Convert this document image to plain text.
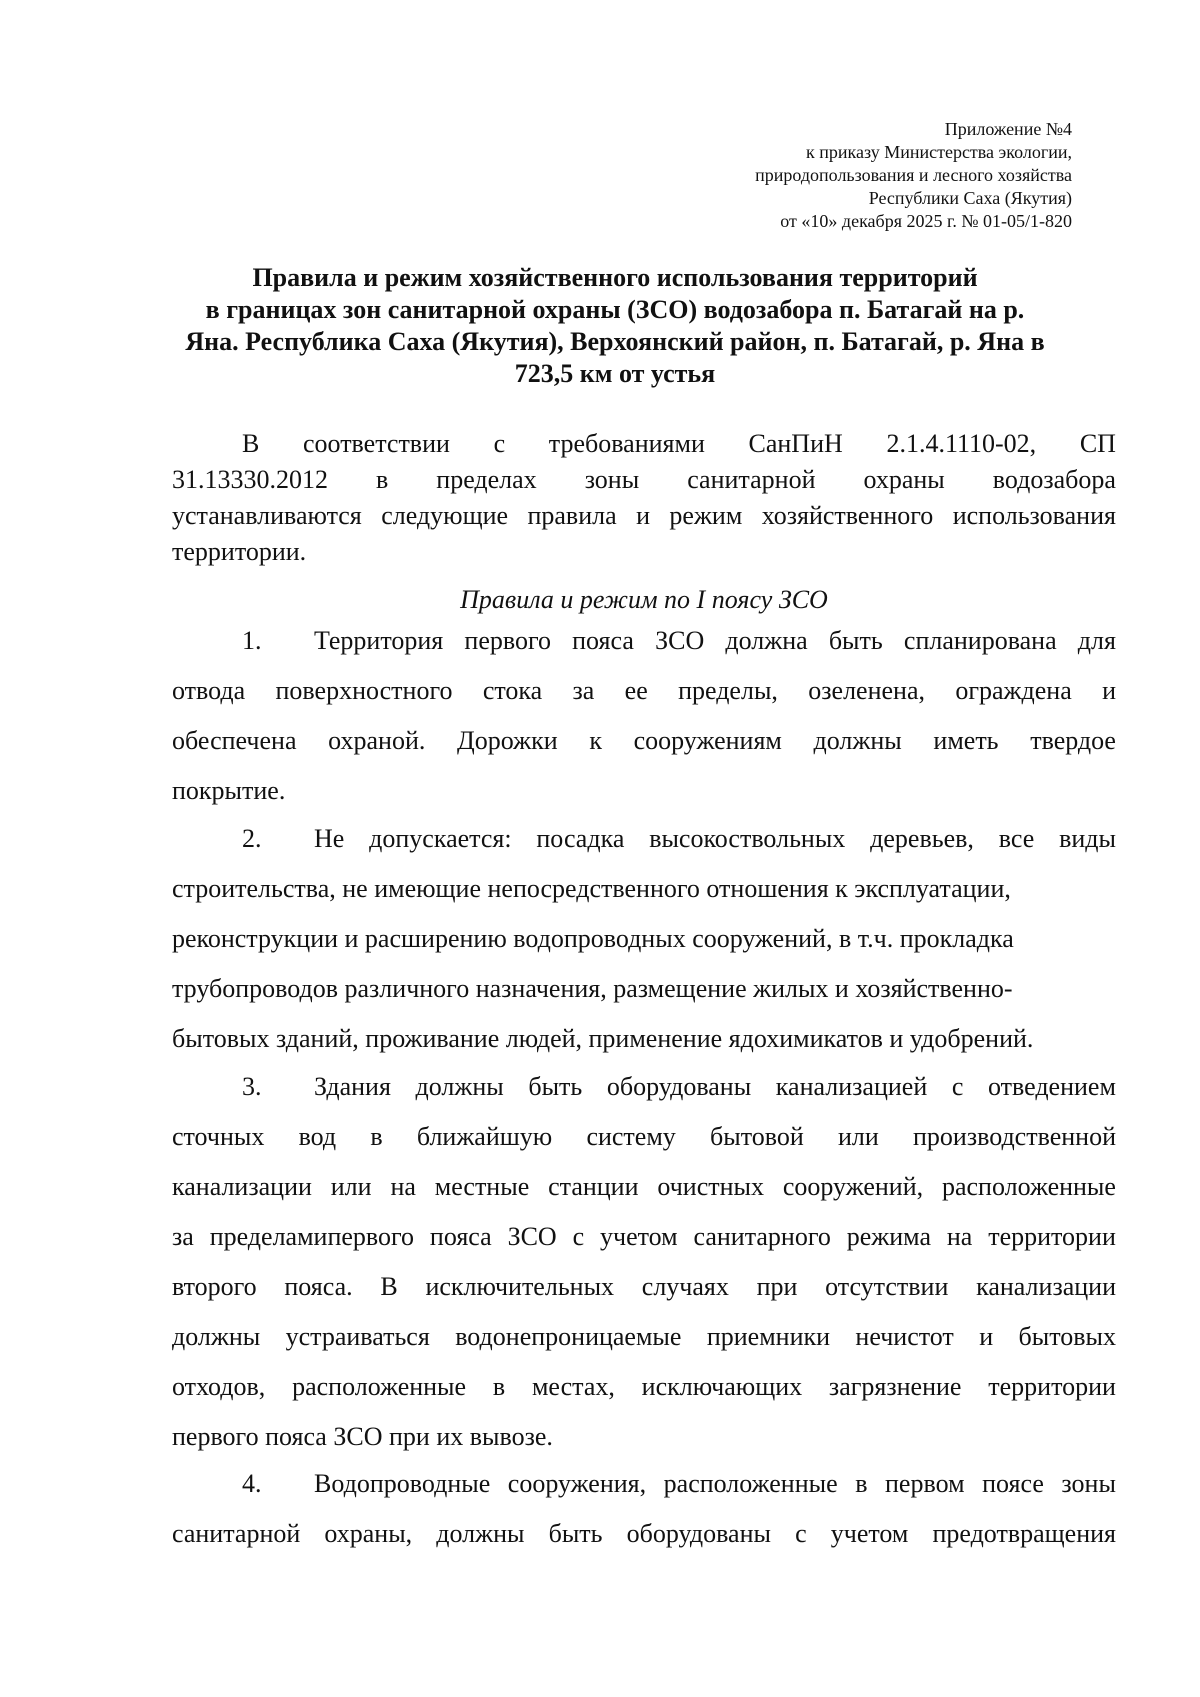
Приложение №4
к приказу Министерства экологии,
природопользования и лесного хозяйства
Республики Саха (Якутия)
от «10» декабря 2025 г. № 01-05/1-820
Правила и режим хозяйственного использования территорий
в границах зон санитарной охраны (ЗСО) водозабора п. Батагай на р.
Яна. Республика Саха (Якутия), Верхоянский район, п. Батагай, р. Яна в
723,5 км от устья
В соответствии с требованиями СанПиН 2.1.4.1110-02, СП
31.13330.2012 в пределах зоны санитарной охраны водозабора
устанавливаются следующие правила и режим хозяйственного использования
территории.
Правила и режим по I поясу ЗСО
1.	Территория первого пояса ЗСО должна быть спланирована для
отвода поверхностного стока за ее пределы, озеленена, ограждена и
обеспечена охраной. Дорожки к сооружениям должны иметь твердое
покрытие.
2.	Не допускается: посадка высокоствольных деревьев, все виды
строительства, не имеющие непосредственного отношения к эксплуатации,
реконструкции и расширению водопроводных сооружений, в т.ч. прокладка
трубопроводов различного назначения, размещение жилых и хозяйственно-
бытовых зданий, проживание людей, применение ядохимикатов и удобрений.
3.	Здания должны быть оборудованы канализацией с отведением
сточных вод в ближайшую систему бытовой или производственной
канализации или на местные станции очистных сооружений, расположенные
за пределамипервого пояса ЗСО с учетом санитарного режима на территории
второго пояса. В исключительных случаях при отсутствии канализации
должны устраиваться водонепроницаемые приемники нечистот и бытовых
отходов, расположенные в местах, исключающих загрязнение территории
первого пояса ЗСО при их вывозе.
4.	Водопроводные сооружения, расположенные в первом поясе зоны
санитарной охраны, должны быть оборудованы с учетом предотвращения
